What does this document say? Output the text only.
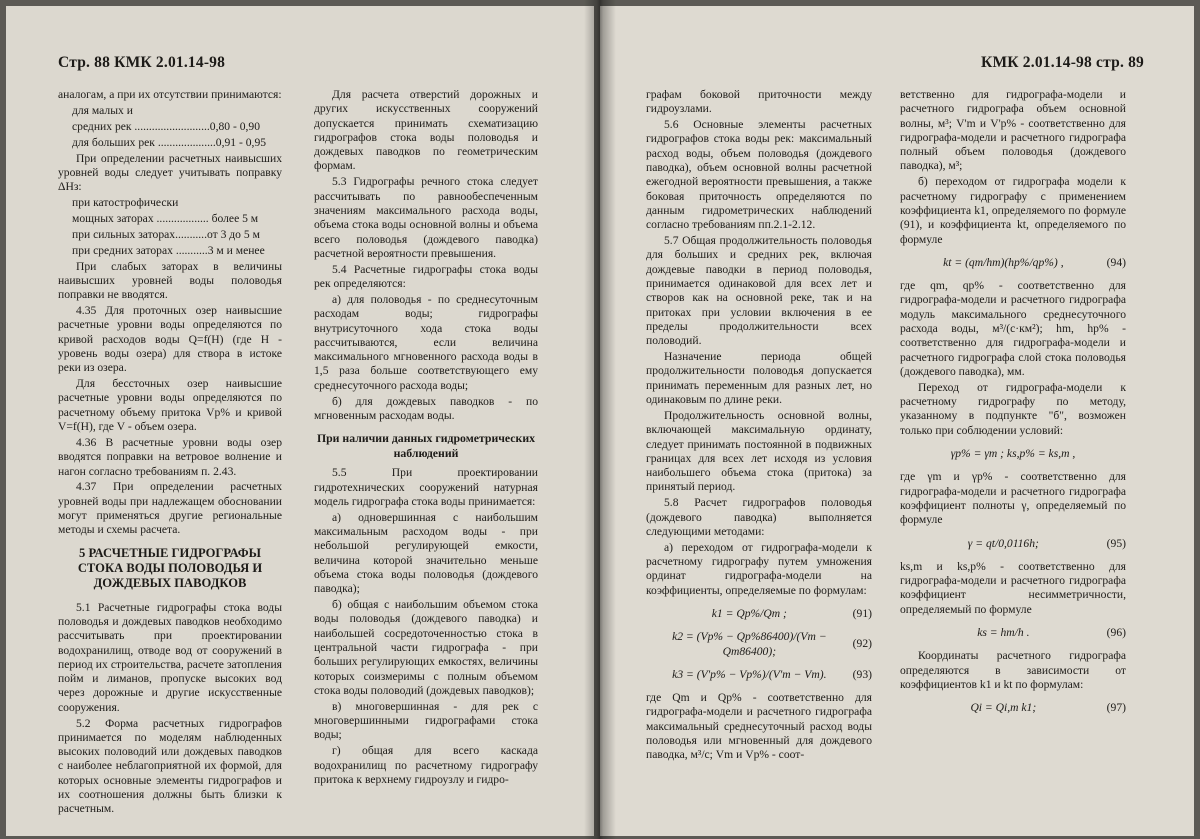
Стр. 88 КМК 2.01.14-98

аналогам, а при их отсутствии принимаются:

для малых и

средних рек ..........................0,80 - 0,90

для больших рек ....................0,91 - 0,95

При определении расчетных наивысших уровней воды следует учитывать поправку ΔHз:

при катострофически

мощных заторах .................. более 5 м

при сильных заторах...........от 3 до 5 м

при средних заторах ...........3 м и менее

При слабых заторах в величины наивысших уровней воды половодья поправки не вводятся.

4.35 Для проточных озер наивысшие расчетные уровни воды определяются по кривой расходов воды Q=f(H) (где H - уровень воды озера) для створа в истоке реки из озера.

Для бессточных озер наивысшие расчетные уровни воды определяются по расчетному объему притока Vp% и кривой V=f(H), где V - объем озера.

4.36 В расчетные уровни воды озер вводятся поправки на ветровое волнение и нагон согласно требованиям п. 2.43.

4.37 При определении расчетных уровней воды при надлежащем обосновании могут применяться другие региональные методы и схемы расчета.

5 РАСЧЕТНЫЕ ГИДРОГРАФЫ СТОКА ВОДЫ ПОЛОВОДЬЯ И ДОЖДЕВЫХ ПАВОДКОВ

5.1 Расчетные гидрографы стока воды половодья и дождевых паводков необходимо рассчитывать при проектировании водохранилищ, отводе вод от сооружений в период их строительства, расчете затопления пойм и лиманов, пропуске высоких вод через дорожные и другие искусственные сооружения.

5.2 Форма расчетных гидрографов принимается по моделям наблюденных высоких половодий или дождевых паводков с наиболее неблагоприятной их формой, для которых основные элементы гидрографов и их соотношения должны быть близки к расчетным.

Для расчета отверстий дорожных и других искусственных сооружений допускается принимать схематизацию гидрографов стока воды половодья и дождевых паводков по геометрическим формам.

5.3 Гидрографы речного стока следует рассчитывать по равнообеспеченным значениям максимального расхода воды, объема стока воды основной волны и объема всего половодья (дождевого паводка) расчетной вероятности превышения.

5.4 Расчетные гидрографы стока воды рек определяются:

а) для половодья - по среднесуточным расходам воды; гидрографы внутрисуточного хода стока воды рассчитываются, если величина максимального мгновенного расхода воды в 1,5 раза больше соответствующего ему среднесуточного расхода воды;

б) для дождевых паводков - по мгновенным расходам воды.

При наличии данных гидрометрических наблюдений

5.5 При проектировании гидротехнических сооружений натурная модель гидрографа стока воды принимается:

а) одновершинная с наибольшим максимальным расходом воды - при небольшой регулирующей емкости, величина которой значительно меньше объема стока воды половодья (дождевого паводка);

б) общая с наибольшим объемом стока воды половодья (дождевого паводка) и наибольшей сосредоточенностью стока в центральной части гидрографа - при больших регулирующих емкостях, величины которых соизмеримы с полным объемом стока воды половодий (дождевых паводков);

в) многовершинная - для рек с многовершинными гидрографами стока воды;

г) общая для всего каскада водохранилищ по расчетному гидрографу притока к верхнему гидроузлу и гидро-

КМК 2.01.14-98 стр. 89

графам боковой приточности между гидроузлами.

5.6 Основные элементы расчетных гидрографов стока воды рек: максимальный расход воды, объем половодья (дождевого паводка), объем основной волны расчетной ежегодной вероятности превышения, а также боковая приточность определяются по данным гидрометрических наблюдений согласно требованиям пп.2.1-2.12.

5.7 Общая продолжительность половодья для больших и средних рек, включая дождевые паводки в период половодья, принимается одинаковой для всех лет и створов как на основной реке, так и на притоках при условии включения в ее пределы продолжительности всех половодий.

Назначение периода общей продолжительности половодья допускается принимать переменным для разных лет, но одинаковым по длине реки.

Продолжительность основной волны, включающей максимальную ординату, следует принимать постоянной в подвижных границах для всех лет исходя из условия наибольшего объема стока (притока) за принятый период.

5.8 Расчет гидрографов половодья (дождевого паводка) выполняется следующими методами:

а) переходом от гидрографа-модели к расчетному гидрографу путем умножения ординат гидрографа-модели на коэффициенты, определяемые по формулам:

k1 = Qp%/Qm ;	(91)
k2 = (Vp% − Qp%86400)/(Vm − Qm86400);
(92)
k3 = (V'p% − Vp%)/(V'm − Vm).	(93)

где Qm и Qp% - соответственно для гидрографа-модели и расчетного гидрографа максимальный среднесуточный расход воды половодья или мгновенный для дождевого паводка, м³/с; Vm и Vp% - соот-

ветственно для гидрографа-модели и расчетного гидрографа объем основной волны, м³; V'm и V'p% - соответственно для гидрографа-модели и расчетного гидрографа полный объем половодья (дождевого паводка), м³;

б) переходом от гидрографа модели к расчетному гидрографу с применением коэффициента k1, определяемого по формуле (91), и коэффициента kt, определяемого по формуле

kt = (qm/hm)(hp%/qp%) ,	(94)

где qm, qp% - соответственно для гидрографа-модели и расчетного гидрографа модуль максимального среднесуточного расхода воды, м³/(с·км²); hm, hp% - соответственно для гидрографа-модели и расчетного гидрографа слой стока половодья (дождевого паводка), мм.

Переход от гидрографа-модели к расчетному гидрографу по методу, указанному в подпункте "б", возможен только при соблюдении условий:

γp% = γm ; ks,p% = ks,m ,

где γm и γp% - соответственно для гидрографа-модели и расчетного гидрографа коэффициент полноты γ, определяемый по формуле

γ = qt/0,0116h;	(95)

ks,m и ks,p% - соответственно для гидрографа-модели и расчетного гидрографа коэффициент несимметричности, определяемый по формуле

ks = hm/h .	(96)

Координаты расчетного гидрографа определяются в зависимости от коэффициентов k1 и kt по формулам:

Qi = Qi,m k1;	(97)
